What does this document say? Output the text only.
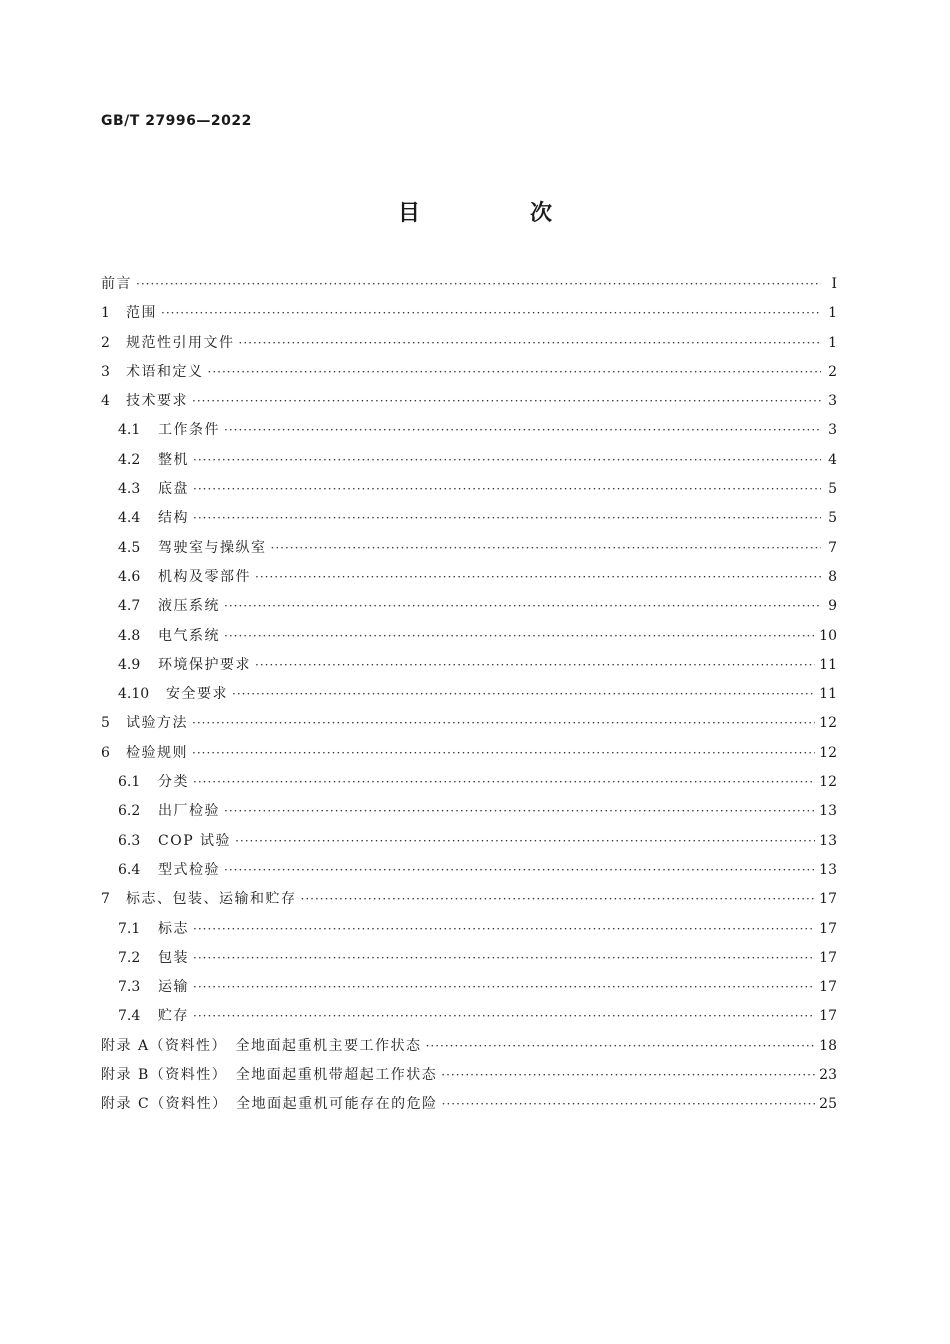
GB/T 27996—2022
目　次
前言 ·····	Ⅰ
1	范围 ·····	1
2	规范性引用文件 ·····	1
3	术语和定义 ·····	2
4	技术要求 ·····	3
4.1	工作条件 ·····	3
4.2	整机 ·····	4
4.3	底盘 ·····	5
4.4	结构 ·····	5
4.5	驾驶室与操纵室 ·····	7
4.6	机构及零部件 ·····	8
4.7	液压系统 ·····	9
4.8	电气系统 ·····	10
4.9	环境保护要求 ·····	11
4.10	安全要求 ·····	11
5	试验方法 ·····	12
6	检验规则 ·····	12
6.1	分类 ·····	12
6.2	出厂检验 ·····	13
6.3	COP 试验 ·····	13
6.4	型式检验 ·····	13
7	标志、包装、运输和贮存 ·····	17
7.1	标志 ·····	17
7.2	包装 ·····	17
7.3	运输 ·····	17
7.4	贮存 ·····	17
附录 A（资料性）　全地面起重机主要工作状态 ·····	18
附录 B（资料性）　全地面起重机带超起工作状态 ·····	23
附录 C（资料性）　全地面起重机可能存在的危险 ·····	25
